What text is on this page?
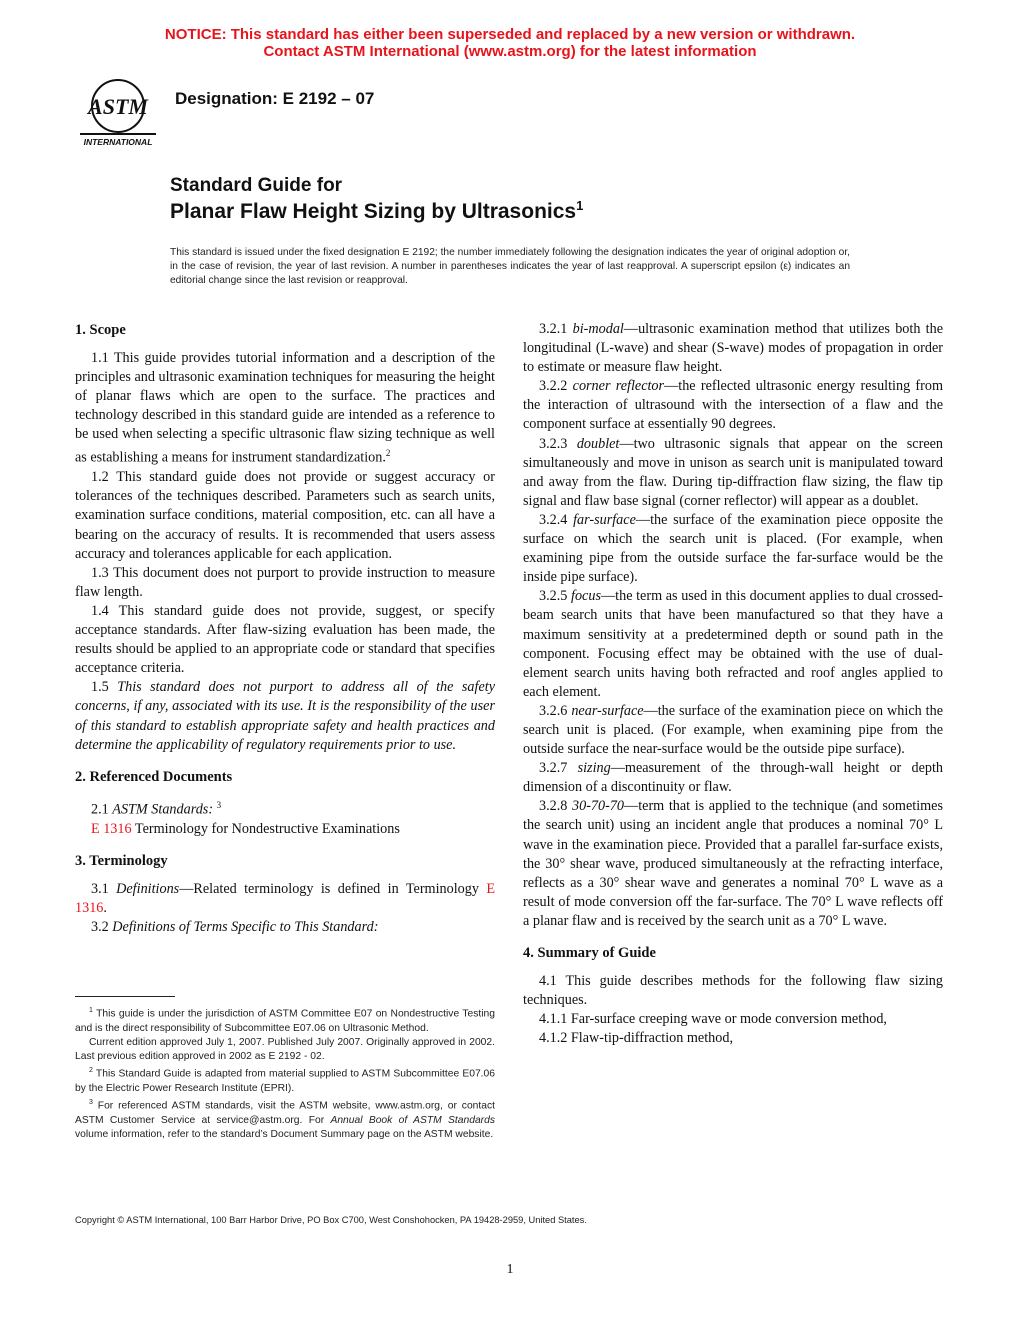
NOTICE: This standard has either been superseded and replaced by a new version or withdrawn.
Contact ASTM International (www.astm.org) for the latest information
ASTM
INTERNATIONAL
Designation: E 2192 – 07
Standard Guide for
Planar Flaw Height Sizing by Ultrasonics$^1$
This standard is issued under the fixed designation E 2192; the number immediately following the designation indicates the year of original adoption or, in the case of revision, the year of last revision. A number in parentheses indicates the year of last reapproval. A superscript epsilon (ε) indicates an editorial change since the last revision or reapproval.
1. Scope

1.1 This guide provides tutorial information and a description of the principles and ultrasonic examination techniques for measuring the height of planar flaws which are open to the surface. The practices and technology described in this standard guide are intended as a reference to be used when selecting a specific ultrasonic flaw sizing technique as well as establishing a means for instrument standardization.$^2$

1.2 This standard guide does not provide or suggest accuracy or tolerances of the techniques described. Parameters such as search units, examination surface conditions, material composition, etc. can all have a bearing on the accuracy of results. It is recommended that users assess accuracy and tolerances applicable for each application.

1.3 This document does not purport to provide instruction to measure flaw length.

1.4 This standard guide does not provide, suggest, or specify acceptance standards. After flaw-sizing evaluation has been made, the results should be applied to an appropriate code or standard that specifies acceptance criteria.

1.5 This standard does not purport to address all of the safety concerns, if any, associated with its use. It is the responsibility of the user of this standard to establish appropriate safety and health practices and determine the applicability of regulatory requirements prior to use.

2. Referenced Documents

2.1 ASTM Standards: $^3$

E 1316 Terminology for Nondestructive Examinations

3. Terminology

3.1 Definitions—Related terminology is defined in Terminology E 1316.

3.2 Definitions of Terms Specific to This Standard:

$^1$ This guide is under the jurisdiction of ASTM Committee E07 on Nondestructive Testing and is the direct responsibility of Subcommittee E07.06 on Ultrasonic Method.

Current edition approved July 1, 2007. Published July 2007. Originally approved in 2002. Last previous edition approved in 2002 as E 2192 - 02.

$^2$ This Standard Guide is adapted from material supplied to ASTM Subcommittee E07.06 by the Electric Power Research Institute (EPRI).

$^3$ For referenced ASTM standards, visit the ASTM website, www.astm.org, or contact ASTM Customer Service at service@astm.org. For Annual Book of ASTM Standards volume information, refer to the standard’s Document Summary page on the ASTM website.

3.2.1 bi-modal—ultrasonic examination method that utilizes both the longitudinal (L-wave) and shear (S-wave) modes of propagation in order to estimate or measure flaw height.

3.2.2 corner reflector—the reflected ultrasonic energy resulting from the interaction of ultrasound with the intersection of a flaw and the component surface at essentially 90 degrees.

3.2.3 doublet—two ultrasonic signals that appear on the screen simultaneously and move in unison as search unit is manipulated toward and away from the flaw. During tip-diffraction flaw sizing, the flaw tip signal and flaw base signal (corner reflector) will appear as a doublet.

3.2.4 far-surface—the surface of the examination piece opposite the surface on which the search unit is placed. (For example, when examining pipe from the outside surface the far-surface would be the inside pipe surface).

3.2.5 focus—the term as used in this document applies to dual crossed-beam search units that have been manufactured so that they have a maximum sensitivity at a predetermined depth or sound path in the component. Focusing effect may be obtained with the use of dual-element search units having both refracted and roof angles applied to each element.

3.2.6 near-surface—the surface of the examination piece on which the search unit is placed. (For example, when examining pipe from the outside surface the near-surface would be the outside pipe surface).

3.2.7 sizing—measurement of the through-wall height or depth dimension of a discontinuity or flaw.

3.2.8 30-70-70—term that is applied to the technique (and sometimes the search unit) using an incident angle that produces a nominal 70° L wave in the examination piece. Provided that a parallel far-surface exists, the 30° shear wave, produced simultaneously at the refracting interface, reflects as a 30° shear wave and generates a nominal 70° L wave as a result of mode conversion off the far-surface. The 70° L wave reflects off a planar flaw and is received by the search unit as a 70° L wave.

4. Summary of Guide

4.1 This guide describes methods for the following flaw sizing techniques.

4.1.1 Far-surface creeping wave or mode conversion method,

4.1.2 Flaw-tip-diffraction method,

Copyright © ASTM International, 100 Barr Harbor Drive, PO Box C700, West Conshohocken, PA 19428-2959, United States.
1
